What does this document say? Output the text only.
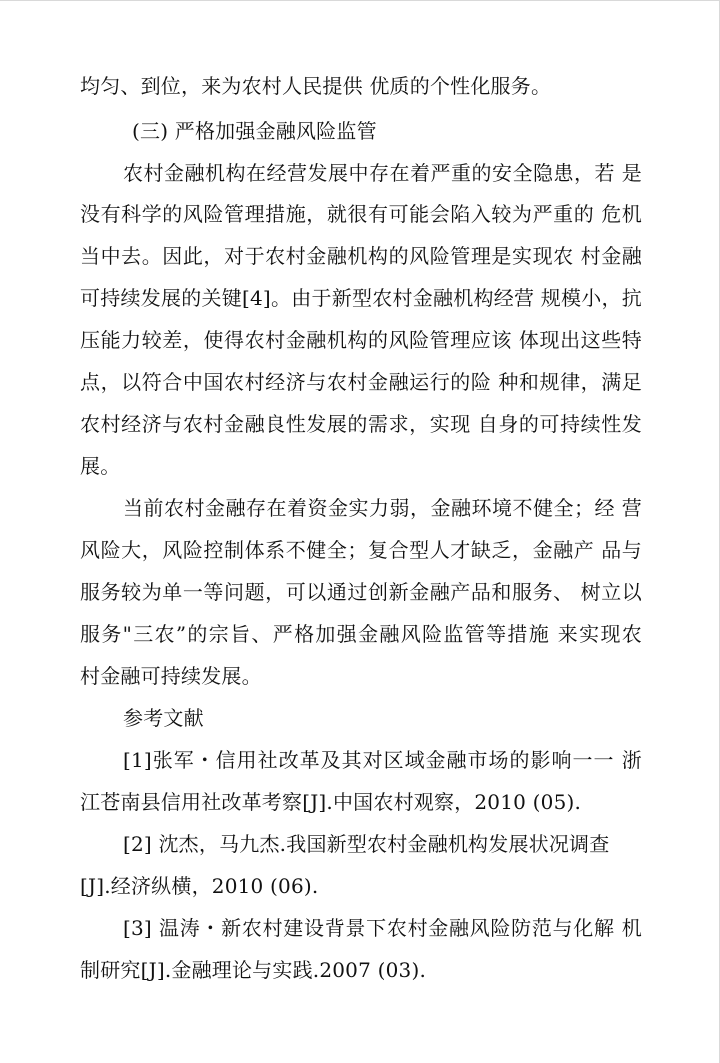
均匀、到位，来为农村人民提供 优质的个性化服务。
(三) 严格加强金融风险监管
农村金融机构在经营发展中存在着严重的安全隐患，若 是
没有科学的风险管理措施，就很有可能会陷入较为严重的 危机
当中去。因此，对于农村金融机构的风险管理是实现农 村金融
可持续发展的关键[4]。由于新型农村金融机构经营 规模小，抗
压能力较差，使得农村金融机构的风险管理应该 体现出这些特
点，以符合中国农村经济与农村金融运行的险 种和规律，满足
农村经济与农村金融良性发展的需求，实现 自身的可持续性发
展。
当前农村金融存在着资金实力弱，金融环境不健全；经 营
风险大，风险控制体系不健全；复合型人才缺乏，金融产 品与
服务较为单一等问题，可以通过创新金融产品和服务、 树立以
服务"三农”的宗旨、严格加强金融风险监管等措施 来实现农
村金融可持续发展。
参考文献
[1]张军・信用社改革及其对区域金融市场的影响一一 浙
江苍南县信用社改革考察[J].中国农村观察，2010 (05).
[2] 沈杰，马九杰.我国新型农村金融机构发展状况调查
[J].经济纵横，2010 (06).
[3] 温涛・新农村建设背景下农村金融风险防范与化解 机
制研究[J].金融理论与实践.2007 (03).
